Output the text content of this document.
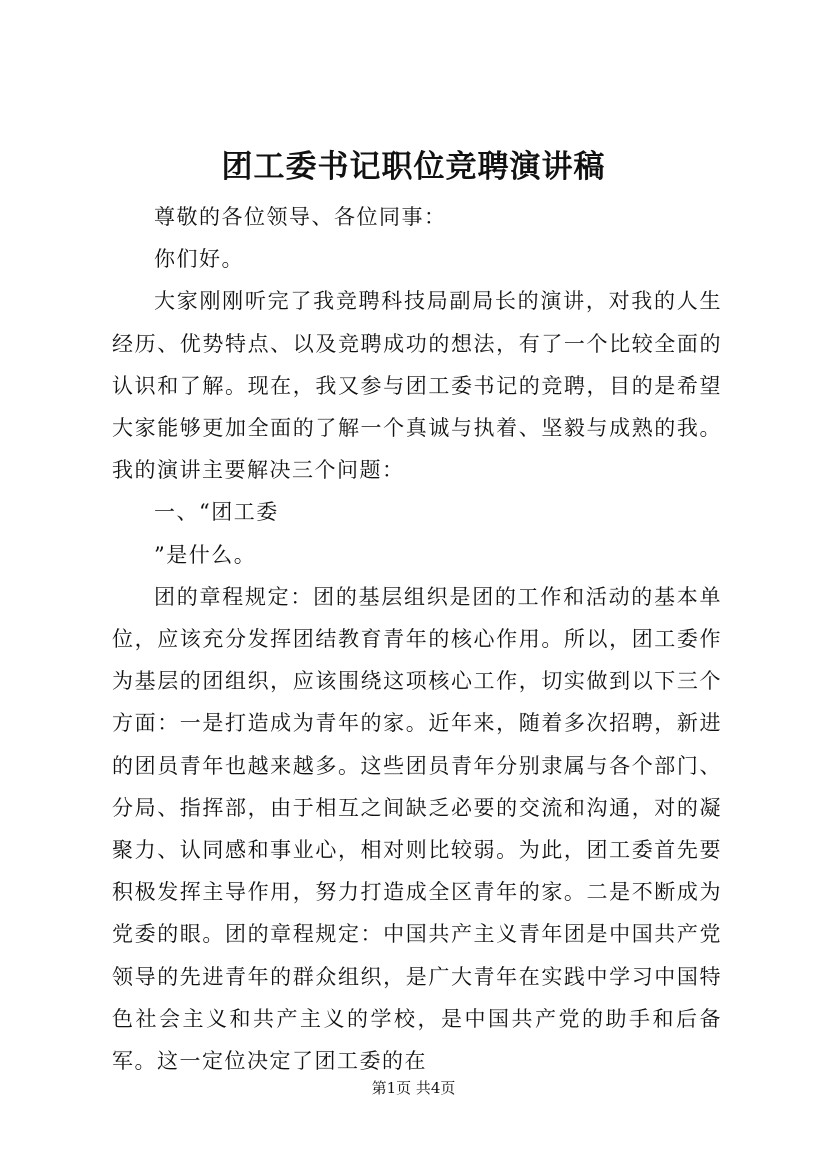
团工委书记职位竞聘演讲稿

尊敬的各位领导、各位同事：

你们好。

大家刚刚听完了我竞聘科技局副局长的演讲，对我的人生经历、优势特点、以及竞聘成功的想法，有了一个比较全面的认识和了解。现在，我又参与团工委书记的竞聘，目的是希望大家能够更加全面的了解一个真诚与执着、坚毅与成熟的我。我的演讲主要解决三个问题：

一、“团工委

”是什么。

团的章程规定：团的基层组织是团的工作和活动的基本单位，应该充分发挥团结教育青年的核心作用。所以，团工委作为基层的团组织，应该围绕这项核心工作，切实做到以下三个方面：一是打造成为青年的家。近年来，随着多次招聘，新进的团员青年也越来越多。这些团员青年分别隶属与各个部门、分局、指挥部，由于相互之间缺乏必要的交流和沟通，对的凝聚力、认同感和事业心，相对则比较弱。为此，团工委首先要积极发挥主导作用，努力打造成全区青年的家。二是不断成为党委的眼。团的章程规定：中国共产主义青年团是中国共产党领导的先进青年的群众组织，是广大青年在实践中学习中国特色社会主义和共产主义的学校，是中国共产党的助手和后备军。这一定位决定了团工委的在

第1页 共4页
